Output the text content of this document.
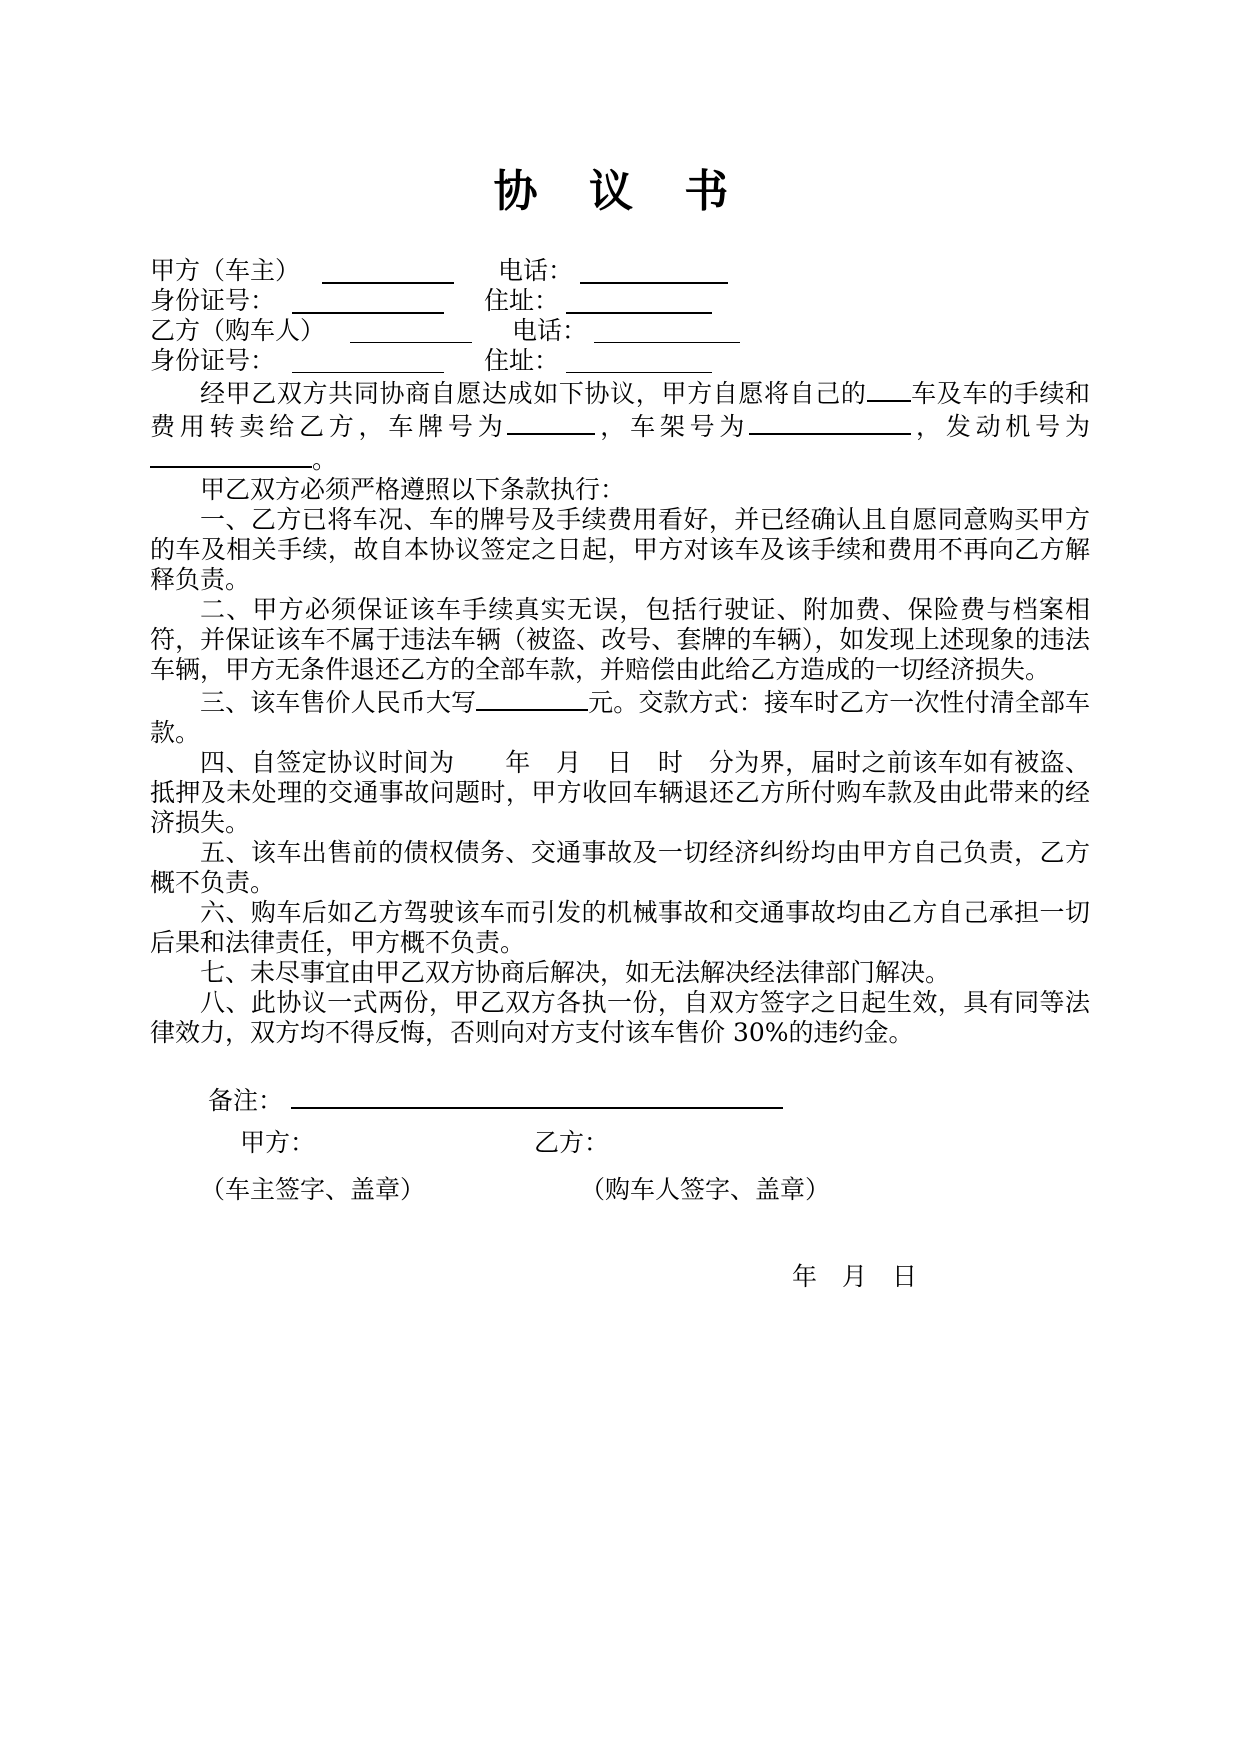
协 议 书
甲方（车主）	电话：
身份证号：	住址：
乙方（购车人）	电话：
身份证号：	住址：

经甲乙双方共同协商自愿达成如下协议，甲方自愿将自己的 车及车的手续和费用转卖给乙方，车牌号为	，车架号为	，发动机号为。

甲乙双方必须严格遵照以下条款执行：

一、乙方已将车况、车的牌号及手续费用看好，并已经确认且自愿同意购买甲方的车及相关手续，故自本协议签定之日起，甲方对该车及该手续和费用不再向乙方解释负责。

二、甲方必须保证该车手续真实无误，包括行驶证、附加费、保险费与档案相符，并保证该车不属于违法车辆（被盗、改号、套牌的车辆），如发现上述现象的违法车辆，甲方无条件退还乙方的全部车款，并赔偿由此给乙方造成的一切经济损失。

三、该车售价人民币大写	元。交款方式：接车时乙方一次性付清全部车款。

四、自签定协议时间为　　年　月　日　时　分为界，届时之前该车如有被盗、抵押及未处理的交通事故问题时，甲方收回车辆退还乙方所付购车款及由此带来的经济损失。

五、该车出售前的债权债务、交通事故及一切经济纠纷均由甲方自己负责，乙方概不负责。

六、购车后如乙方驾驶该车而引发的机械事故和交通事故均由乙方自己承担一切后果和法律责任，甲方概不负责。

七、未尽事宜由甲乙双方协商后解决，如无法解决经法律部门解决。

八、此协议一式两份，甲乙双方各执一份，自双方签字之日起生效，具有同等法律效力，双方均不得反悔，否则向对方支付该车售价 30%的违约金。

备注：
甲方：	乙方：
（车主签字、盖章）	（购车人签字、盖章）
年　月　日
